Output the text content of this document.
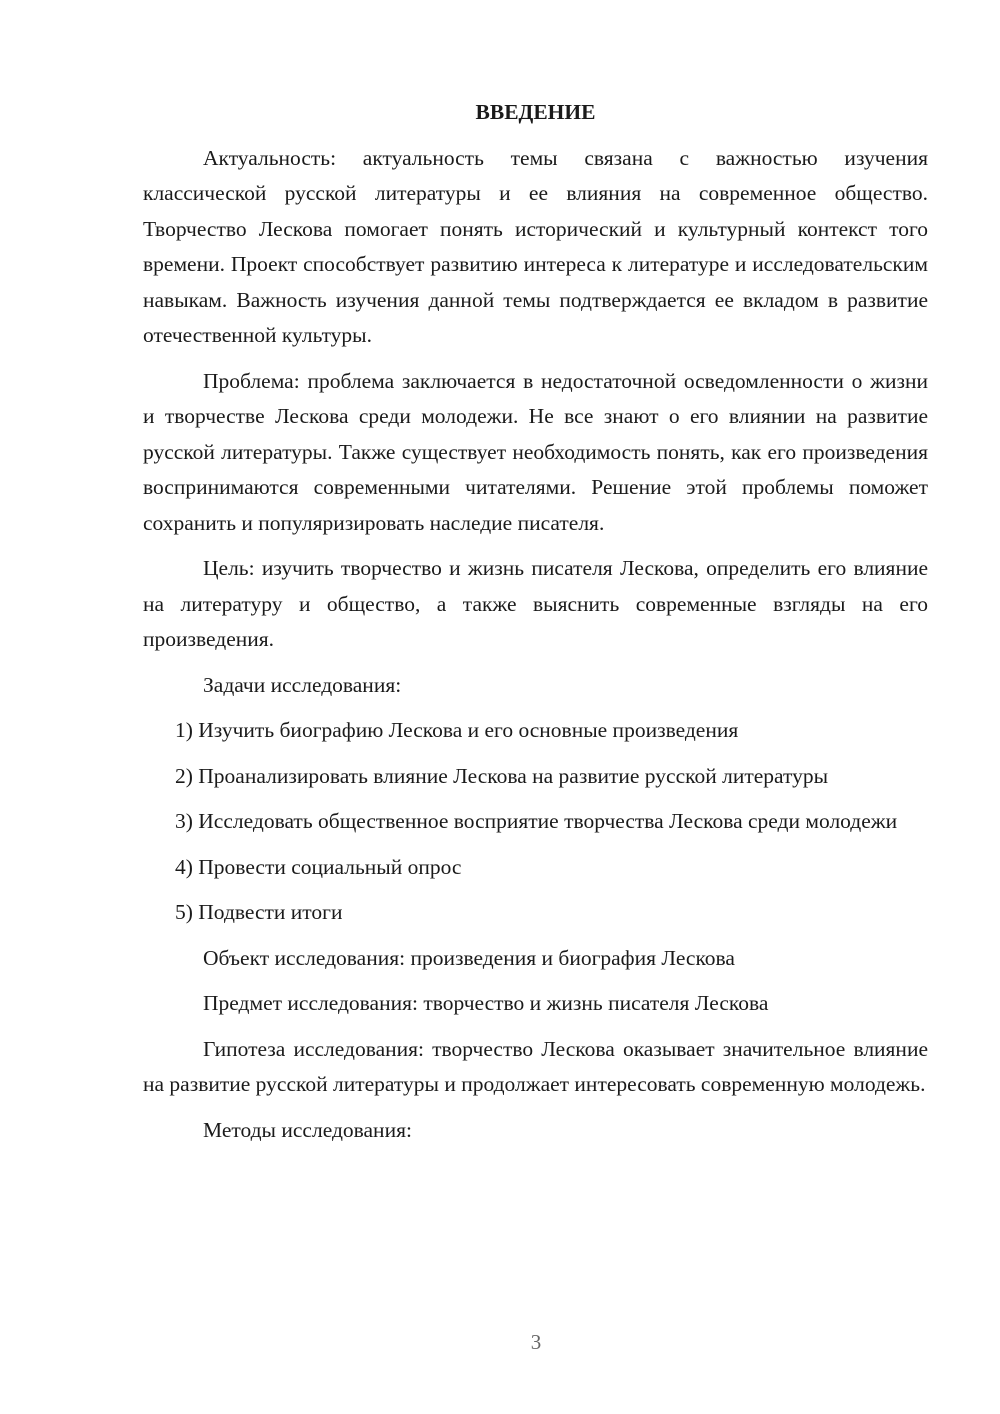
ВВЕДЕНИЕ

Актуальность: актуальность темы связана с важностью изучения классической русской литературы и ее влияния на современное общество. Творчество Лескова помогает понять исторический и культурный контекст того времени. Проект способствует развитию интереса к литературе и исследовательским навыкам. Важность изучения данной темы подтверждается ее вкладом в развитие отечественной культуры.

Проблема: проблема заключается в недостаточной осведомленности о жизни и творчестве Лескова среди молодежи. Не все знают о его влиянии на развитие русской литературы. Также существует необходимость понять, как его произведения воспринимаются современными читателями. Решение этой проблемы поможет сохранить и популяризировать наследие писателя.

Цель: изучить творчество и жизнь писателя Лескова, определить его влияние на литературу и общество, а также выяснить современные взгляды на его произведения.

Задачи исследования:

1) Изучить биографию Лескова и его основные произведения

2) Проанализировать влияние Лескова на развитие русской литературы

3) Исследовать общественное восприятие творчества Лескова среди молодежи

4) Провести социальный опрос

5) Подвести итоги

Объект исследования: произведения и биография Лескова

Предмет исследования: творчество и жизнь писателя Лескова

Гипотеза исследования: творчество Лескова оказывает значительное влияние на развитие русской литературы и продолжает интересовать современную молодежь.

Методы исследования:

3
